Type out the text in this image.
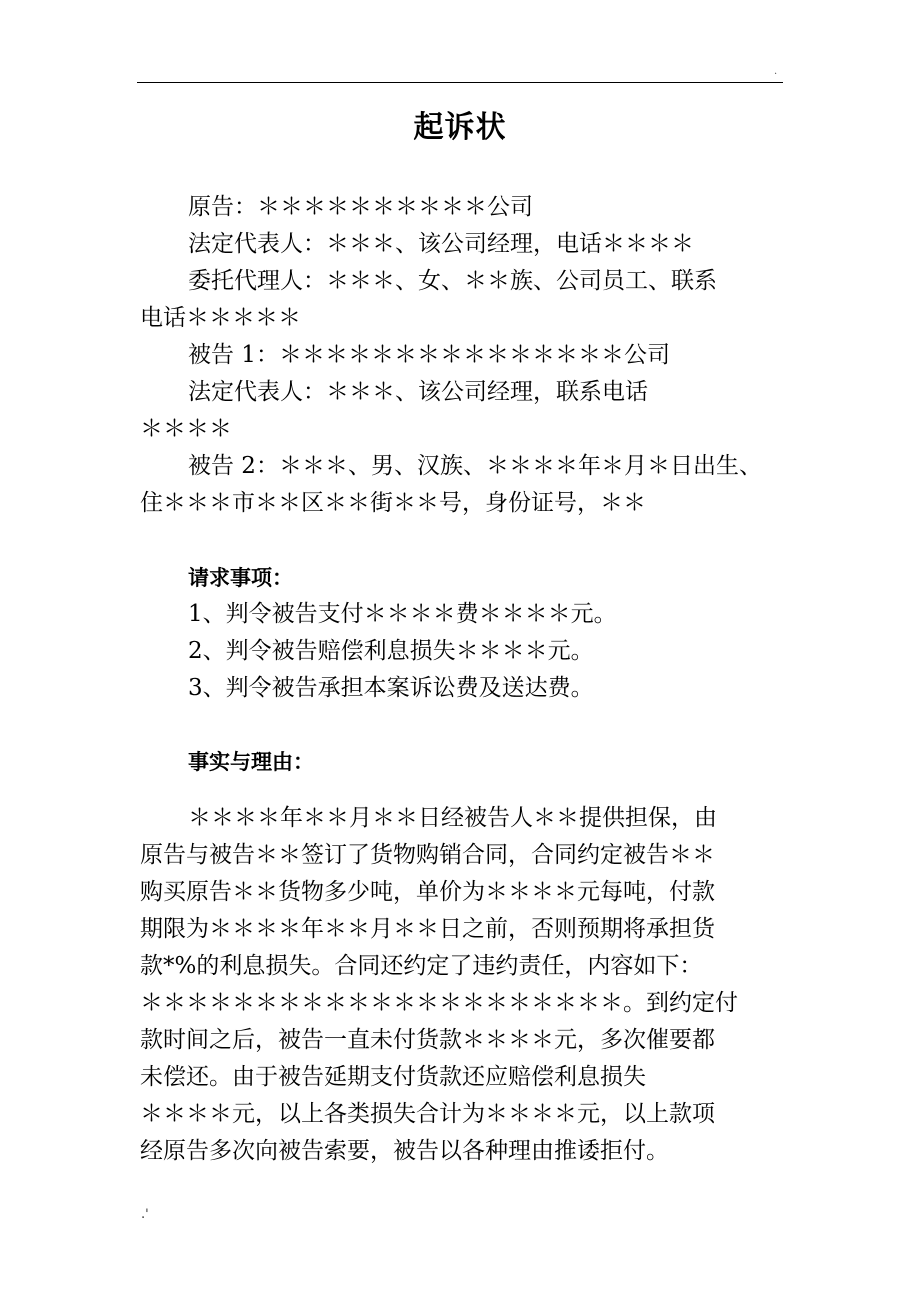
.
起诉状
原告：＊＊＊＊＊＊＊＊＊＊公司
法定代表人：＊＊＊、该公司经理，电话＊＊＊＊
委托代理人：＊＊＊、女、＊＊族、公司员工、联系
电话＊＊＊＊＊
被告 1：＊＊＊＊＊＊＊＊＊＊＊＊＊＊＊公司
法定代表人：＊＊＊、该公司经理，联系电话
＊＊＊＊
被告 2：＊＊＊、男、汉族、＊＊＊＊年＊月＊日出生、
住＊＊＊市＊＊区＊＊街＊＊号，身份证号，＊＊
请求事项：
1、判令被告支付＊＊＊＊费＊＊＊＊元。
2、判令被告赔偿利息损失＊＊＊＊元。
3、判令被告承担本案诉讼费及送达费。
事实与理由：
＊＊＊＊年＊＊月＊＊日经被告人＊＊提供担保，由
原告与被告＊＊签订了货物购销合同，合同约定被告＊＊
购买原告＊＊货物多少吨，单价为＊＊＊＊元每吨，付款
期限为＊＊＊＊年＊＊月＊＊日之前，否则预期将承担货
款*%的利息损失。合同还约定了违约责任，内容如下：
＊＊＊＊＊＊＊＊＊＊＊＊＊＊＊＊＊＊＊＊＊。到约定付
款时间之后，被告一直未付货款＊＊＊＊元，多次催要都
未偿还。由于被告延期支付货款还应赔偿利息损失
＊＊＊＊元，以上各类损失合计为＊＊＊＊元，以上款项
经原告多次向被告索要，被告以各种理由推诿拒付。
.'
